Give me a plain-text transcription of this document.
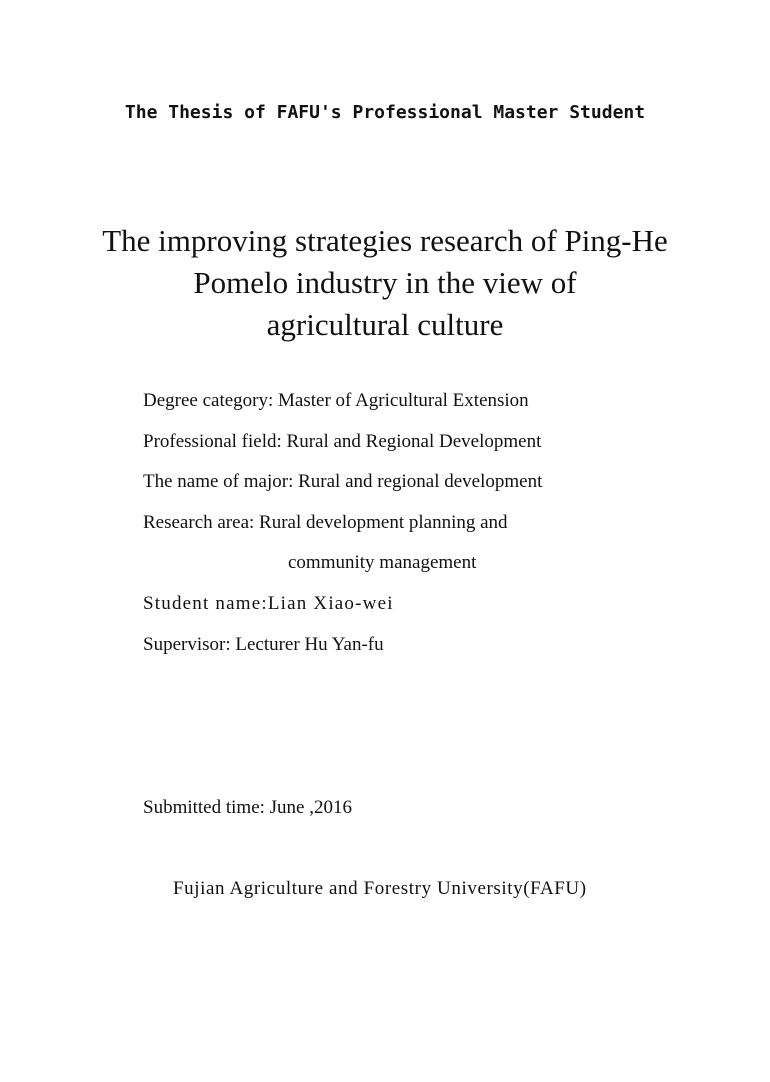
The Thesis of FAFU's Professional Master Student
The improving strategies research of Ping-He
Pomelo industry in the view of
agricultural culture
Degree category: Master of Agricultural Extension
Professional field: Rural and Regional Development
The name of major: Rural and regional development
Research area: Rural development planning and
community management
Student name:Lian Xiao-wei
Supervisor: Lecturer Hu Yan-fu
Submitted time: June ,2016
Fujian Agriculture and Forestry University(FAFU)
